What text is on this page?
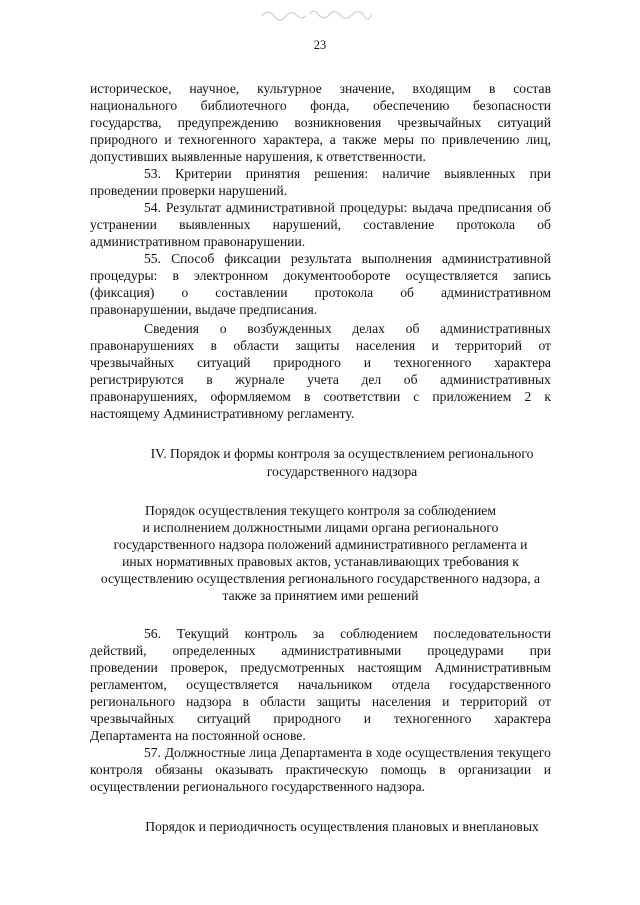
23
историческое, научное, культурное значение, входящим в состав
национального библиотечного фонда, обеспечению безопасности
государства, предупреждению возникновения чрезвычайных ситуаций
природного и техногенного характера, а также меры по привлечению лиц,
допустивших выявленные нарушения, к ответственности.
53. Критерии принятия решения: наличие выявленных при
проведении проверки нарушений.
54. Результат административной процедуры: выдача предписания об
устранении выявленных нарушений, составление протокола об
административном правонарушении.
55. Способ фиксации результата выполнения административной
процедуры: в электронном документообороте осуществляется запись
(фиксация) о составлении протокола об административном
правонарушении, выдаче предписания.
Сведения о возбужденных делах об административных
правонарушениях в области защиты населения и территорий от
чрезвычайных ситуаций природного и техногенного характера
регистрируются в журнале учета дел об административных
правонарушениях, оформляемом в соответствии с приложением 2 к
настоящему Административному регламенту.
IV. Порядок и формы контроля за осуществлением регионального
государственного надзора
Порядок осуществления текущего контроля за соблюдением
и исполнением должностными лицами органа регионального
государственного надзора положений административного регламента и
иных нормативных правовых актов, устанавливающих требования к
осуществлению осуществления регионального государственного надзора, а
также за принятием ими решений
56. Текущий контроль за соблюдением последовательности
действий, определенных административными процедурами при
проведении проверок, предусмотренных настоящим Административным
регламентом, осуществляется начальником отдела государственного
регионального надзора в области защиты населения и территорий от
чрезвычайных ситуаций природного и техногенного характера
Департамента на постоянной основе.
57. Должностные лица Департамента в ходе осуществления текущего
контроля обязаны оказывать практическую помощь в организации и
осуществлении регионального государственного надзора.
Порядок и периодичность осуществления плановых и внеплановых
